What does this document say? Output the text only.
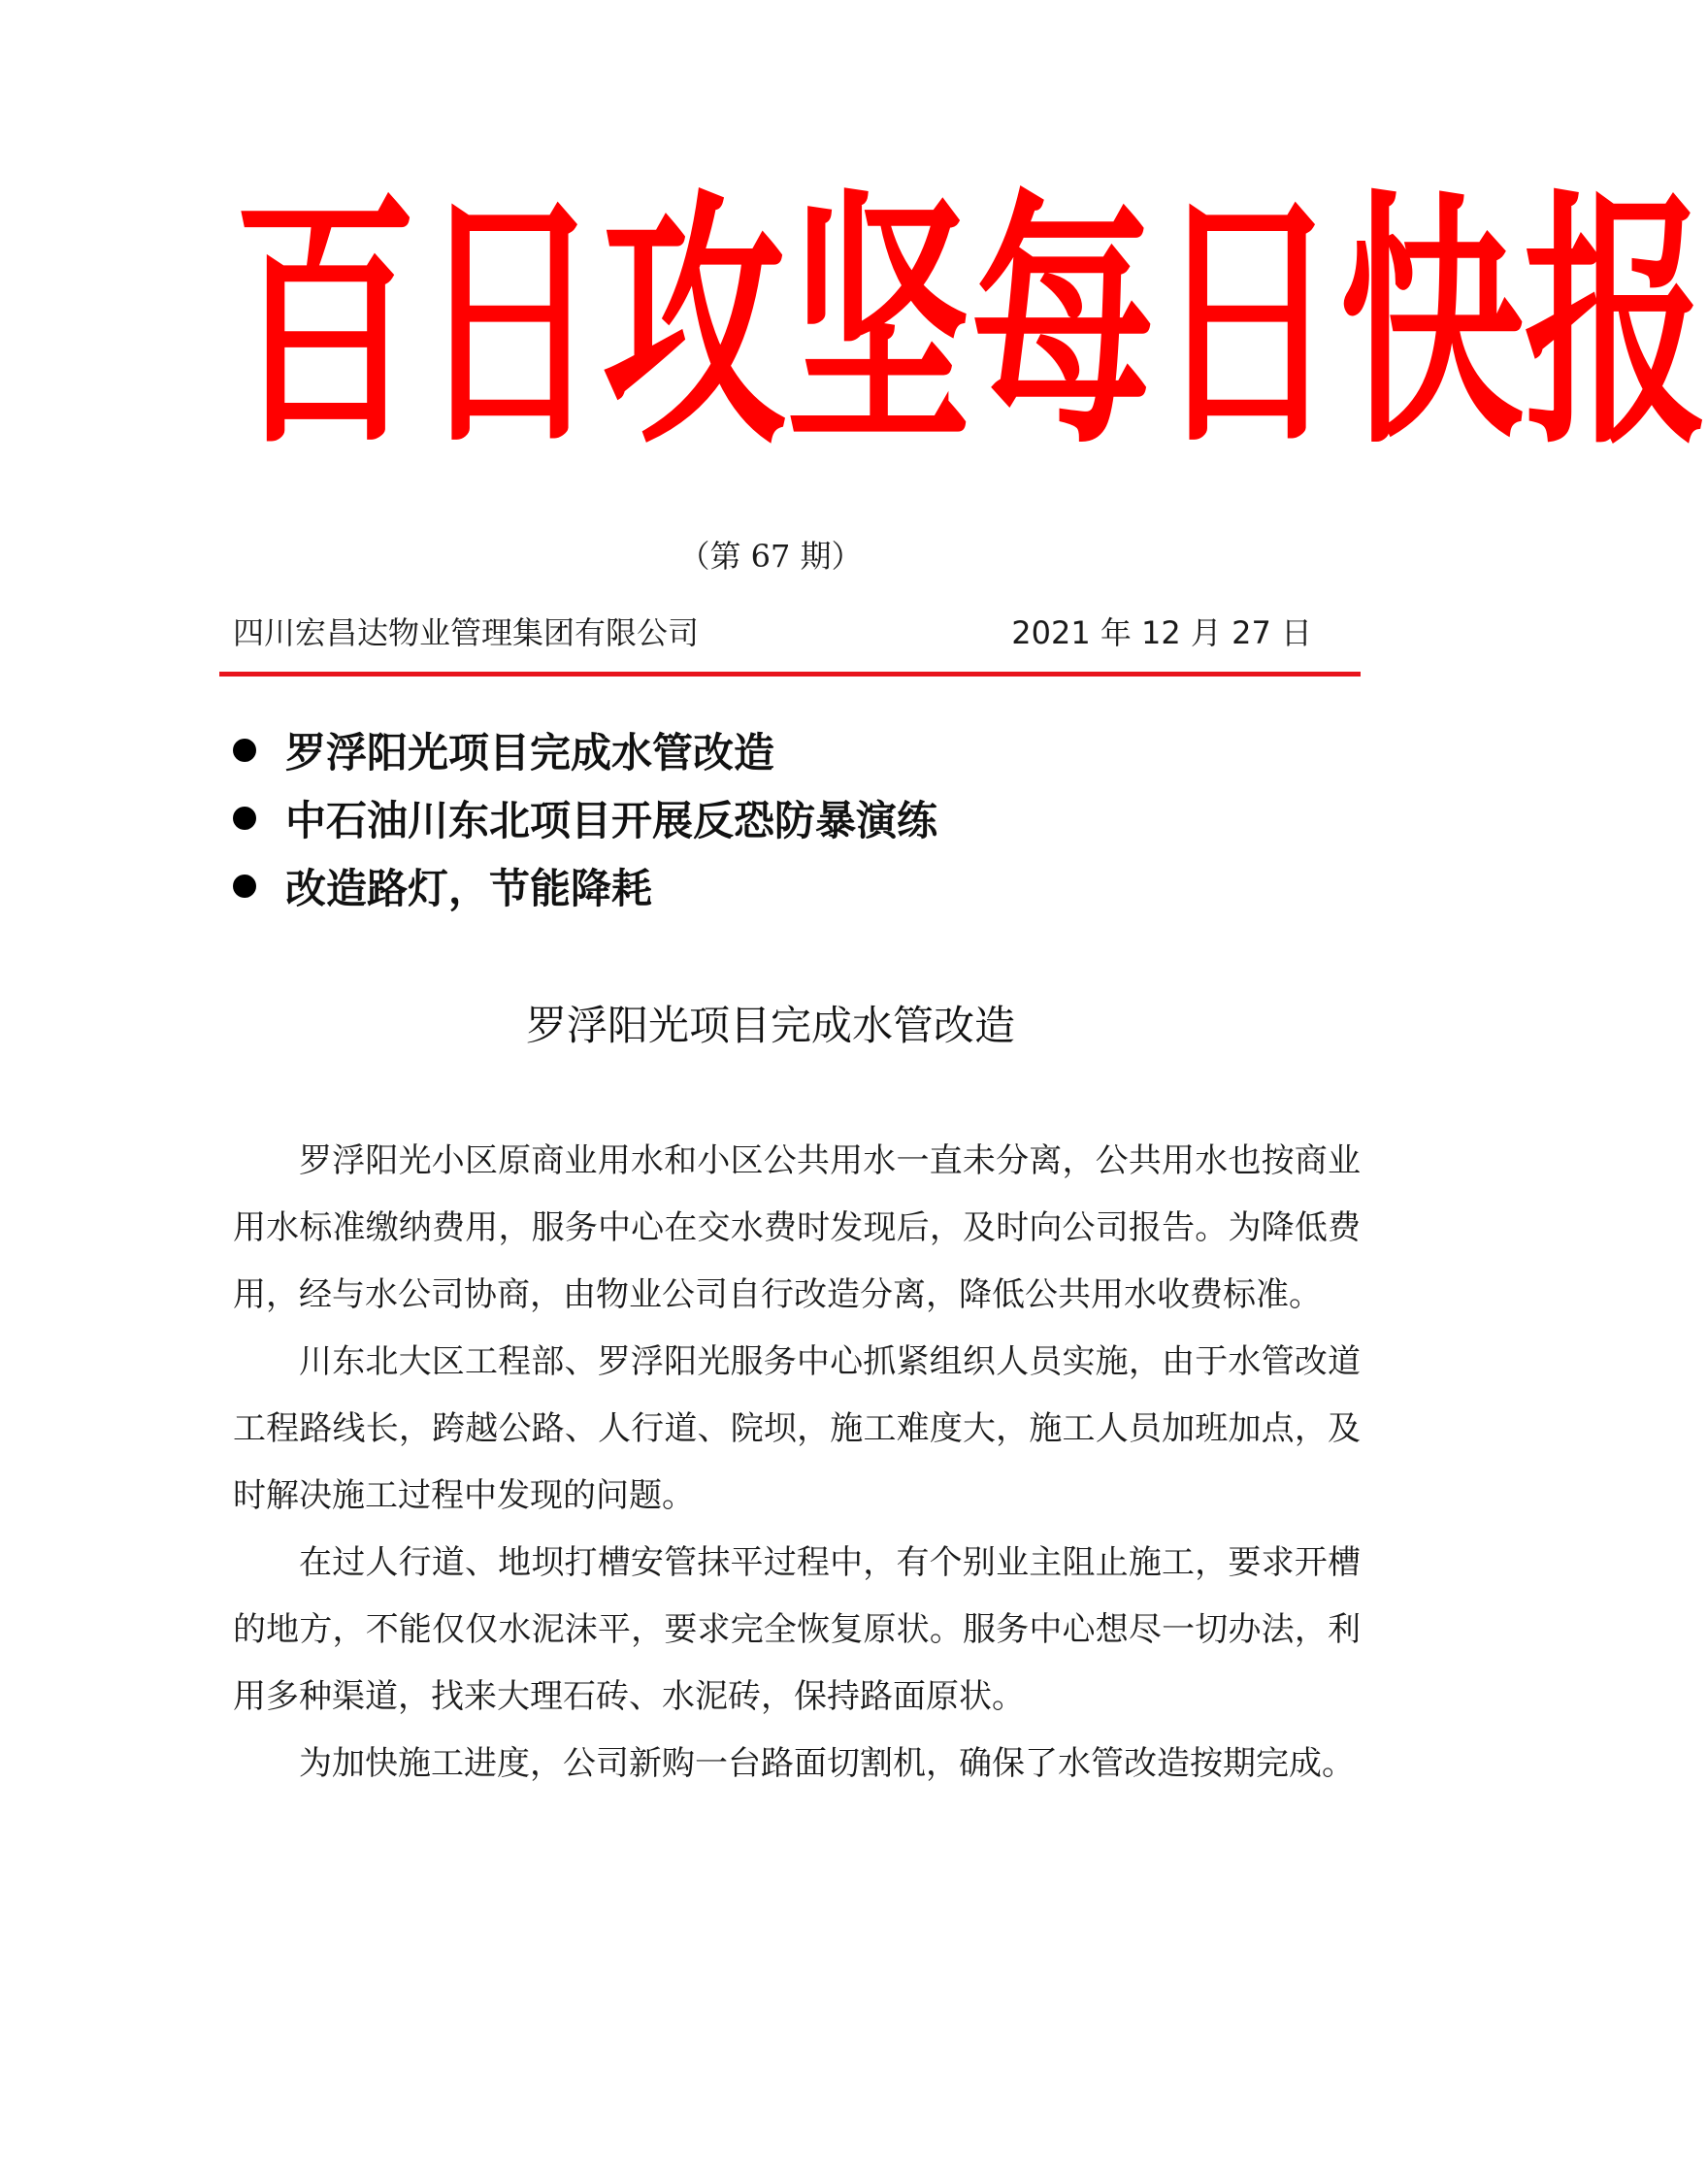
百 日 攻 坚 每 日 快 报
（第 67 期）
四川宏昌达物业管理集团有限公司	2021 年 12 月 27 日
罗浮阳光项目完成水管改造
中石油川东北项目开展反恐防暴演练
改造路灯，节能降耗
罗浮阳光项目完成水管改造

罗浮阳光小区原商业用水和小区公共用水一直未分离，公共用水也按商业用水标准缴纳费用，服务中心在交水费时发现后，及时向公司报告。为降低费用，经与水公司协商，由物业公司自行改造分离，降低公共用水收费标准。

川东北大区工程部、罗浮阳光服务中心抓紧组织人员实施，由于水管改道工程路线长，跨越公路、人行道、院坝，施工难度大，施工人员加班加点，及时解决施工过程中发现的问题。

在过人行道、地坝打槽安管抹平过程中，有个别业主阻止施工，要求开槽的地方，不能仅仅水泥沫平，要求完全恢复原状。服务中心想尽一切办法，利用多种渠道，找来大理石砖、水泥砖，保持路面原状。

为加快施工进度，公司新购一台路面切割机，确保了水管改造按期完成。
